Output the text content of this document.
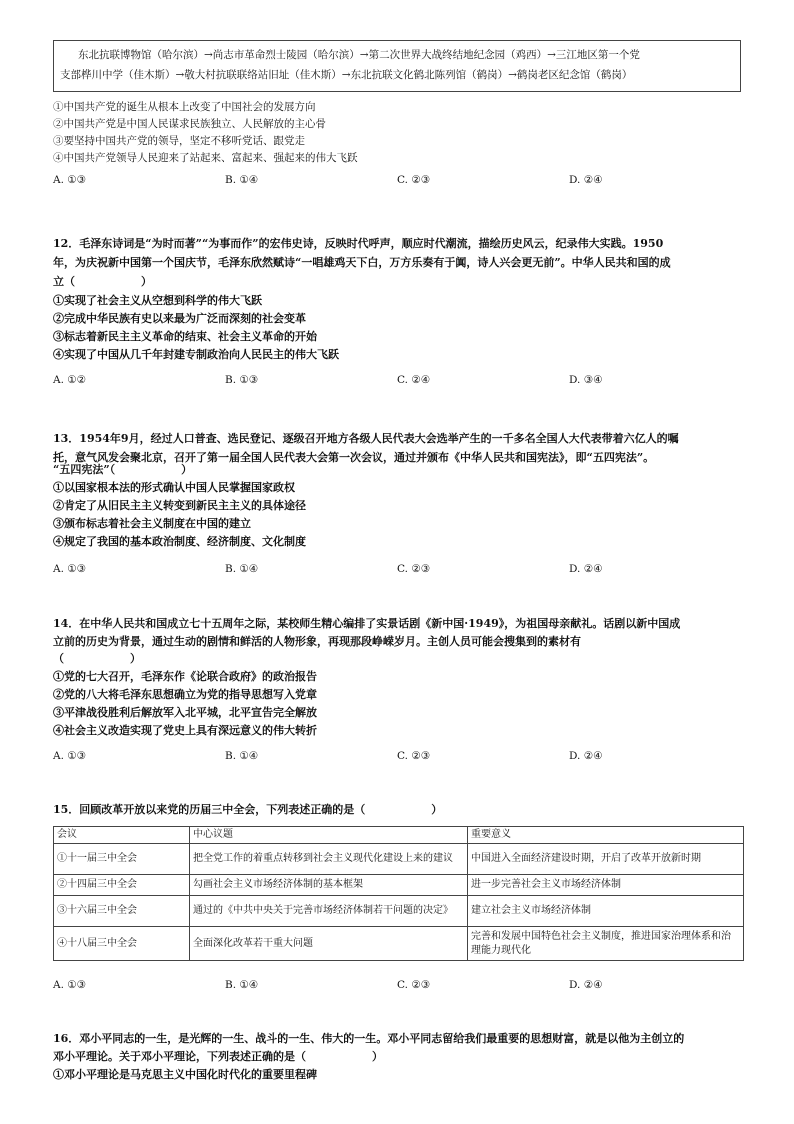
东北抗联博物馆（哈尔滨）→尚志市革命烈士陵园（哈尔滨）→第二次世界大战终结地纪念园（鸡西）→三江地区第一个党
支部桦川中学（佳木斯）→敬大村抗联联络站旧址（佳木斯）→东北抗联文化鹤北陈列馆（鹤岗）→鹤岗老区纪念馆（鹤岗）
①中国共产党的诞生从根本上改变了中国社会的发展方向
②中国共产党是中国人民谋求民族独立、人民解放的主心骨
③要坚持中国共产党的领导，坚定不移听党话、跟党走
④中国共产党领导人民迎来了站起来、富起来、强起来的伟大飞跃
A. ①③	B. ①④	C. ②③	D. ②④
12．毛泽东诗词是“为时而著”“为事而作”的宏伟史诗，反映时代呼声，顺应时代潮流，描绘历史风云，纪录伟大实践。1950
年，为庆祝新中国第一个国庆节，毛泽东欣然赋诗“一唱雄鸡天下白，万方乐奏有于阗，诗人兴会更无前”。中华人民共和国的成
立（　　　　　　）
①实现了社会主义从空想到科学的伟大飞跃
②完成中华民族有史以来最为广泛而深刻的社会变革
③标志着新民主主义革命的结束、社会主义革命的开始
④实现了中国从几千年封建专制政治向人民民主的伟大飞跃
A. ①②	B. ①③	C. ②④	D. ③④
13．1954年9月，经过人口普查、选民登记、逐级召开地方各级人民代表大会选举产生的一千多名全国人大代表带着六亿人的嘱
托，意气风发会聚北京，召开了第一届全国人民代表大会第一次会议，通过并颁布《中华人民共和国宪法》，即“五四宪法”。
“五四宪法”（　　　　　　）
①以国家根本法的形式确认中国人民掌握国家政权
②肯定了从旧民主主义转变到新民主主义的具体途径
③颁布标志着社会主义制度在中国的建立
④规定了我国的基本政治制度、经济制度、文化制度
A. ①③	B. ①④	C. ②③	D. ②④
14．在中华人民共和国成立七十五周年之际，某校师生精心编排了实景话剧《新中国·1949》，为祖国母亲献礼。话剧以新中国成
立前的历史为背景，通过生动的剧情和鲜活的人物形象，再现那段峥嵘岁月。主创人员可能会搜集到的素材有
（　　　　　　）
①党的七大召开，毛泽东作《论联合政府》的政治报告
②党的八大将毛泽东思想确立为党的指导思想写入党章
③平津战役胜利后解放军入北平城，北平宣告完全解放
④社会主义改造实现了党史上具有深远意义的伟大转折
A. ①③	B. ①④	C. ②③	D. ②④
15．回顾改革开放以来党的历届三中全会，下列表述正确的是（　　　　　　）
会议	中心议题	重要意义
①十一届三中全会	把全党工作的着重点转移到社会主义现代化建设上来的建议	中国进入全面经济建设时期，开启了改革开放新时期
②十四届三中全会	勾画社会主义市场经济体制的基本框架	进一步完善社会主义市场经济体制
③十六届三中全会	通过的《中共中央关于完善市场经济体制若干问题的决定》	建立社会主义市场经济体制
④十八届三中全会	全面深化改革若干重大问题	完善和发展中国特色社会主义制度，推进国家治理体系和治理能力现代化
A. ①③	B. ①④	C. ②③	D. ②④
16．邓小平同志的一生，是光辉的一生、战斗的一生、伟大的一生。邓小平同志留给我们最重要的思想财富，就是以他为主创立的
邓小平理论。关于邓小平理论，下列表述正确的是（　　　　　　）
①邓小平理论是马克思主义中国化时代化的重要里程碑
